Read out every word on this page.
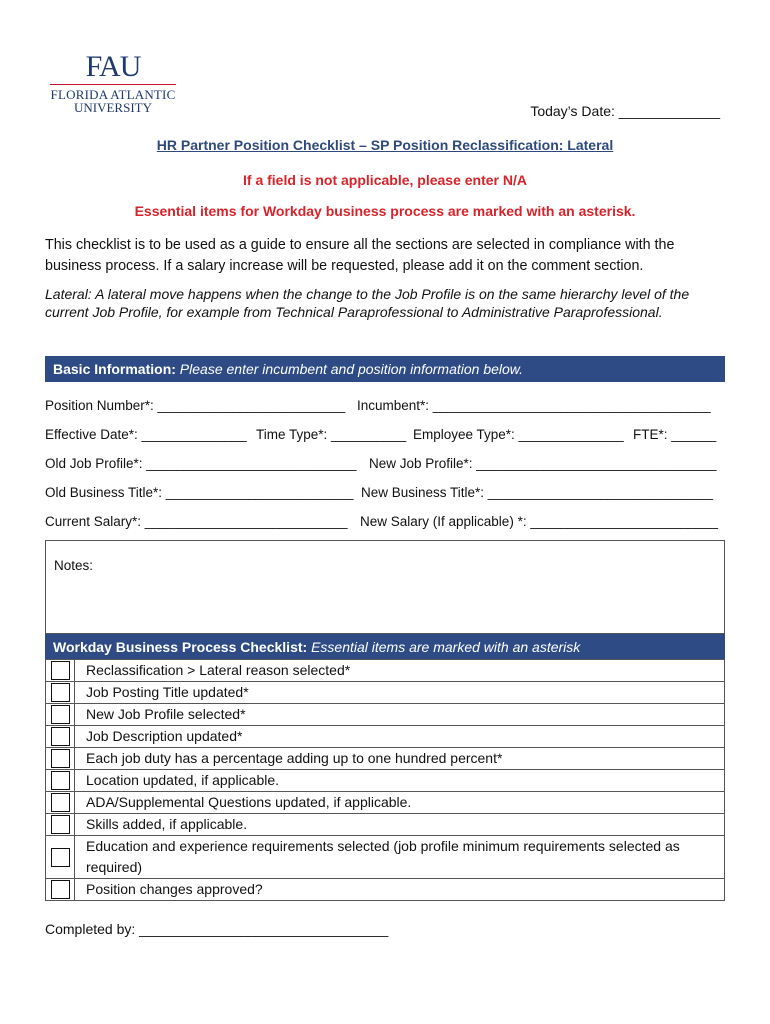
FAU
FLORIDA ATLANTIC
UNIVERSITY	Today’s Date: _____________
HR Partner Position Checklist – SP Position Reclassification: Lateral
If a field is not applicable, please enter N/A
Essential items for Workday business process are marked with an asterisk.
This checklist is to be used as a guide to ensure all the sections are selected in compliance with the business process. If a salary increase will be requested, please add it on the comment section.
Lateral: A lateral move happens when the change to the Job Profile is on the same hierarchy level of the current Job Profile, for example from Technical Paraprofessional to Administrative Paraprofessional.
Basic Information: Please enter incumbent and position information below.
Position Number*: _________________________ Incumbent*: _____________________________________
Effective Date*: ______________ Time Type*: __________ Employee Type*: ______________ FTE*: ______
Old Job Profile*: ____________________________ New Job Profile*: ________________________________
Old Business Title*: _________________________ New Business Title*: ______________________________
Current Salary*: ___________________________ New Salary (If applicable) *: _________________________
Notes:
Workday Business Process Checklist: Essential items are marked with an asterisk
	Reclassification > Lateral reason selected*

	Job Posting Title updated*

	New Job Profile selected*

	Job Description updated*

	Each job duty has a percentage adding up to one hundred percent*

	Location updated, if applicable.

	ADA/Supplemental Questions updated, if applicable.

	Skills added, if applicable.

	Education and experience requirements selected (job profile minimum requirements selected as required)

	Position changes approved?
Completed by: ________________________________
